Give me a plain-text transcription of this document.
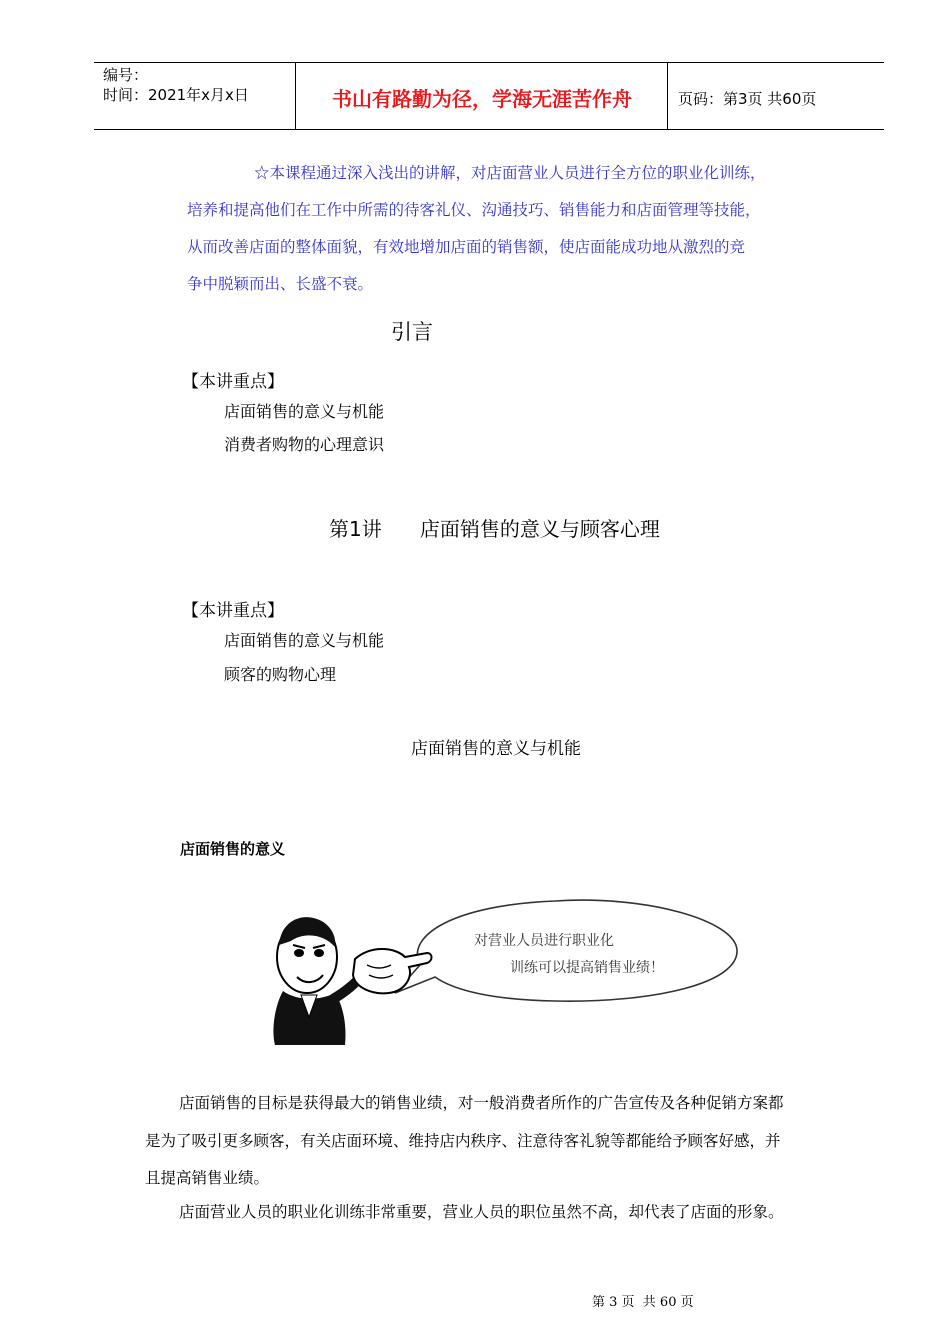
编号：
时间：2021年x月x日	书山有路勤为径，学海无涯苦作舟	页码：第3页 共60页
☆本课程通过深入浅出的讲解，对店面营业人员进行全方位的职业化训练，
培养和提高他们在工作中所需的待客礼仪、沟通技巧、销售能力和店面管理等技能，
从而改善店面的整体面貌，有效地增加店面的销售额，使店面能成功地从激烈的竞
争中脱颖而出、长盛不衰。
引言
【本讲重点】
店面销售的意义与机能
消费者购物的心理意识
第1讲      店面销售的意义与顾客心理
【本讲重点】
店面销售的意义与机能
顾客的购物心理
店面销售的意义与机能
店面销售的意义
对营业人员进行职业化
训练可以提高销售业绩！
店面销售的目标是获得最大的销售业绩，对一般消费者所作的广告宣传及各种促销方案都
是为了吸引更多顾客，有关店面环境、维持店内秩序、注意待客礼貌等都能给予顾客好感，并
且提高销售业绩。
店面营业人员的职业化训练非常重要，营业人员的职位虽然不高，却代表了店面的形象。
第 3 页  共 60 页
